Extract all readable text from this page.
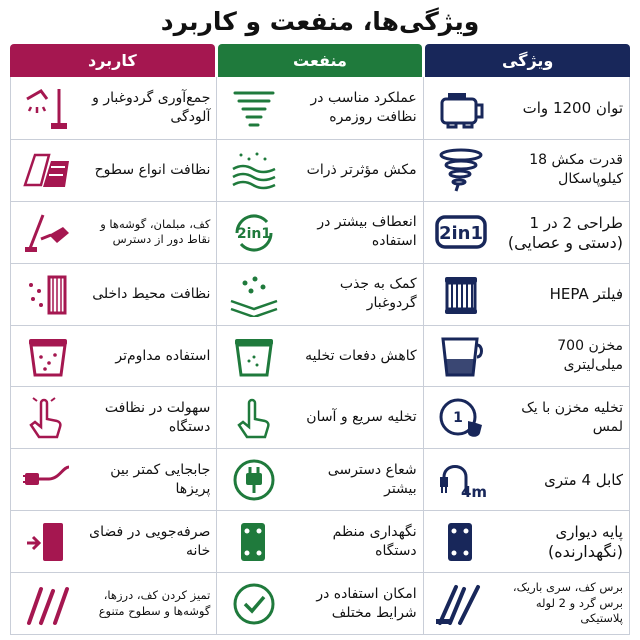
ویژگی‌ها، منفعت و کاربرد
ویژگی
منفعت
کاربرد
توان 1200 وات
عملکرد مناسب در نظافت روزمره
جمع‌آوری گردوغبار و آلودگی
قدرت مکش 18 کیلوپاسکال
مکش مؤثرتر ذرات
نظافت انواع سطوح
طراحی 2 در 1
(دستی و عصایی)
2in1
انعطاف بیشتر در استفاده
2in1
کف، مبلمان، گوشه‌ها و نقاط دور از دسترس
فیلتر HEPA
کمک به جذب گردوغبار
نظافت محیط داخلی
مخزن 700 میلی‌لیتری
کاهش دفعات تخلیه
استفاده مداوم‌تر
تخلیه مخزن با یک لمس
1
تخلیه سریع و آسان
سهولت در نظافت دستگاه
کابل 4 متری
4m
شعاع دسترسی بیشتر
جابجایی کمتر بین پریزها
پایه دیواری
(نگهدارنده)
نگهداری منظم دستگاه
صرفه‌جویی در فضای خانه
برس کف، سری باریک، برس گرد و 2 لوله پلاستیکی
امکان استفاده در شرایط مختلف
تمیز کردن کف، درزها، گوشه‌ها و سطوح متنوع
